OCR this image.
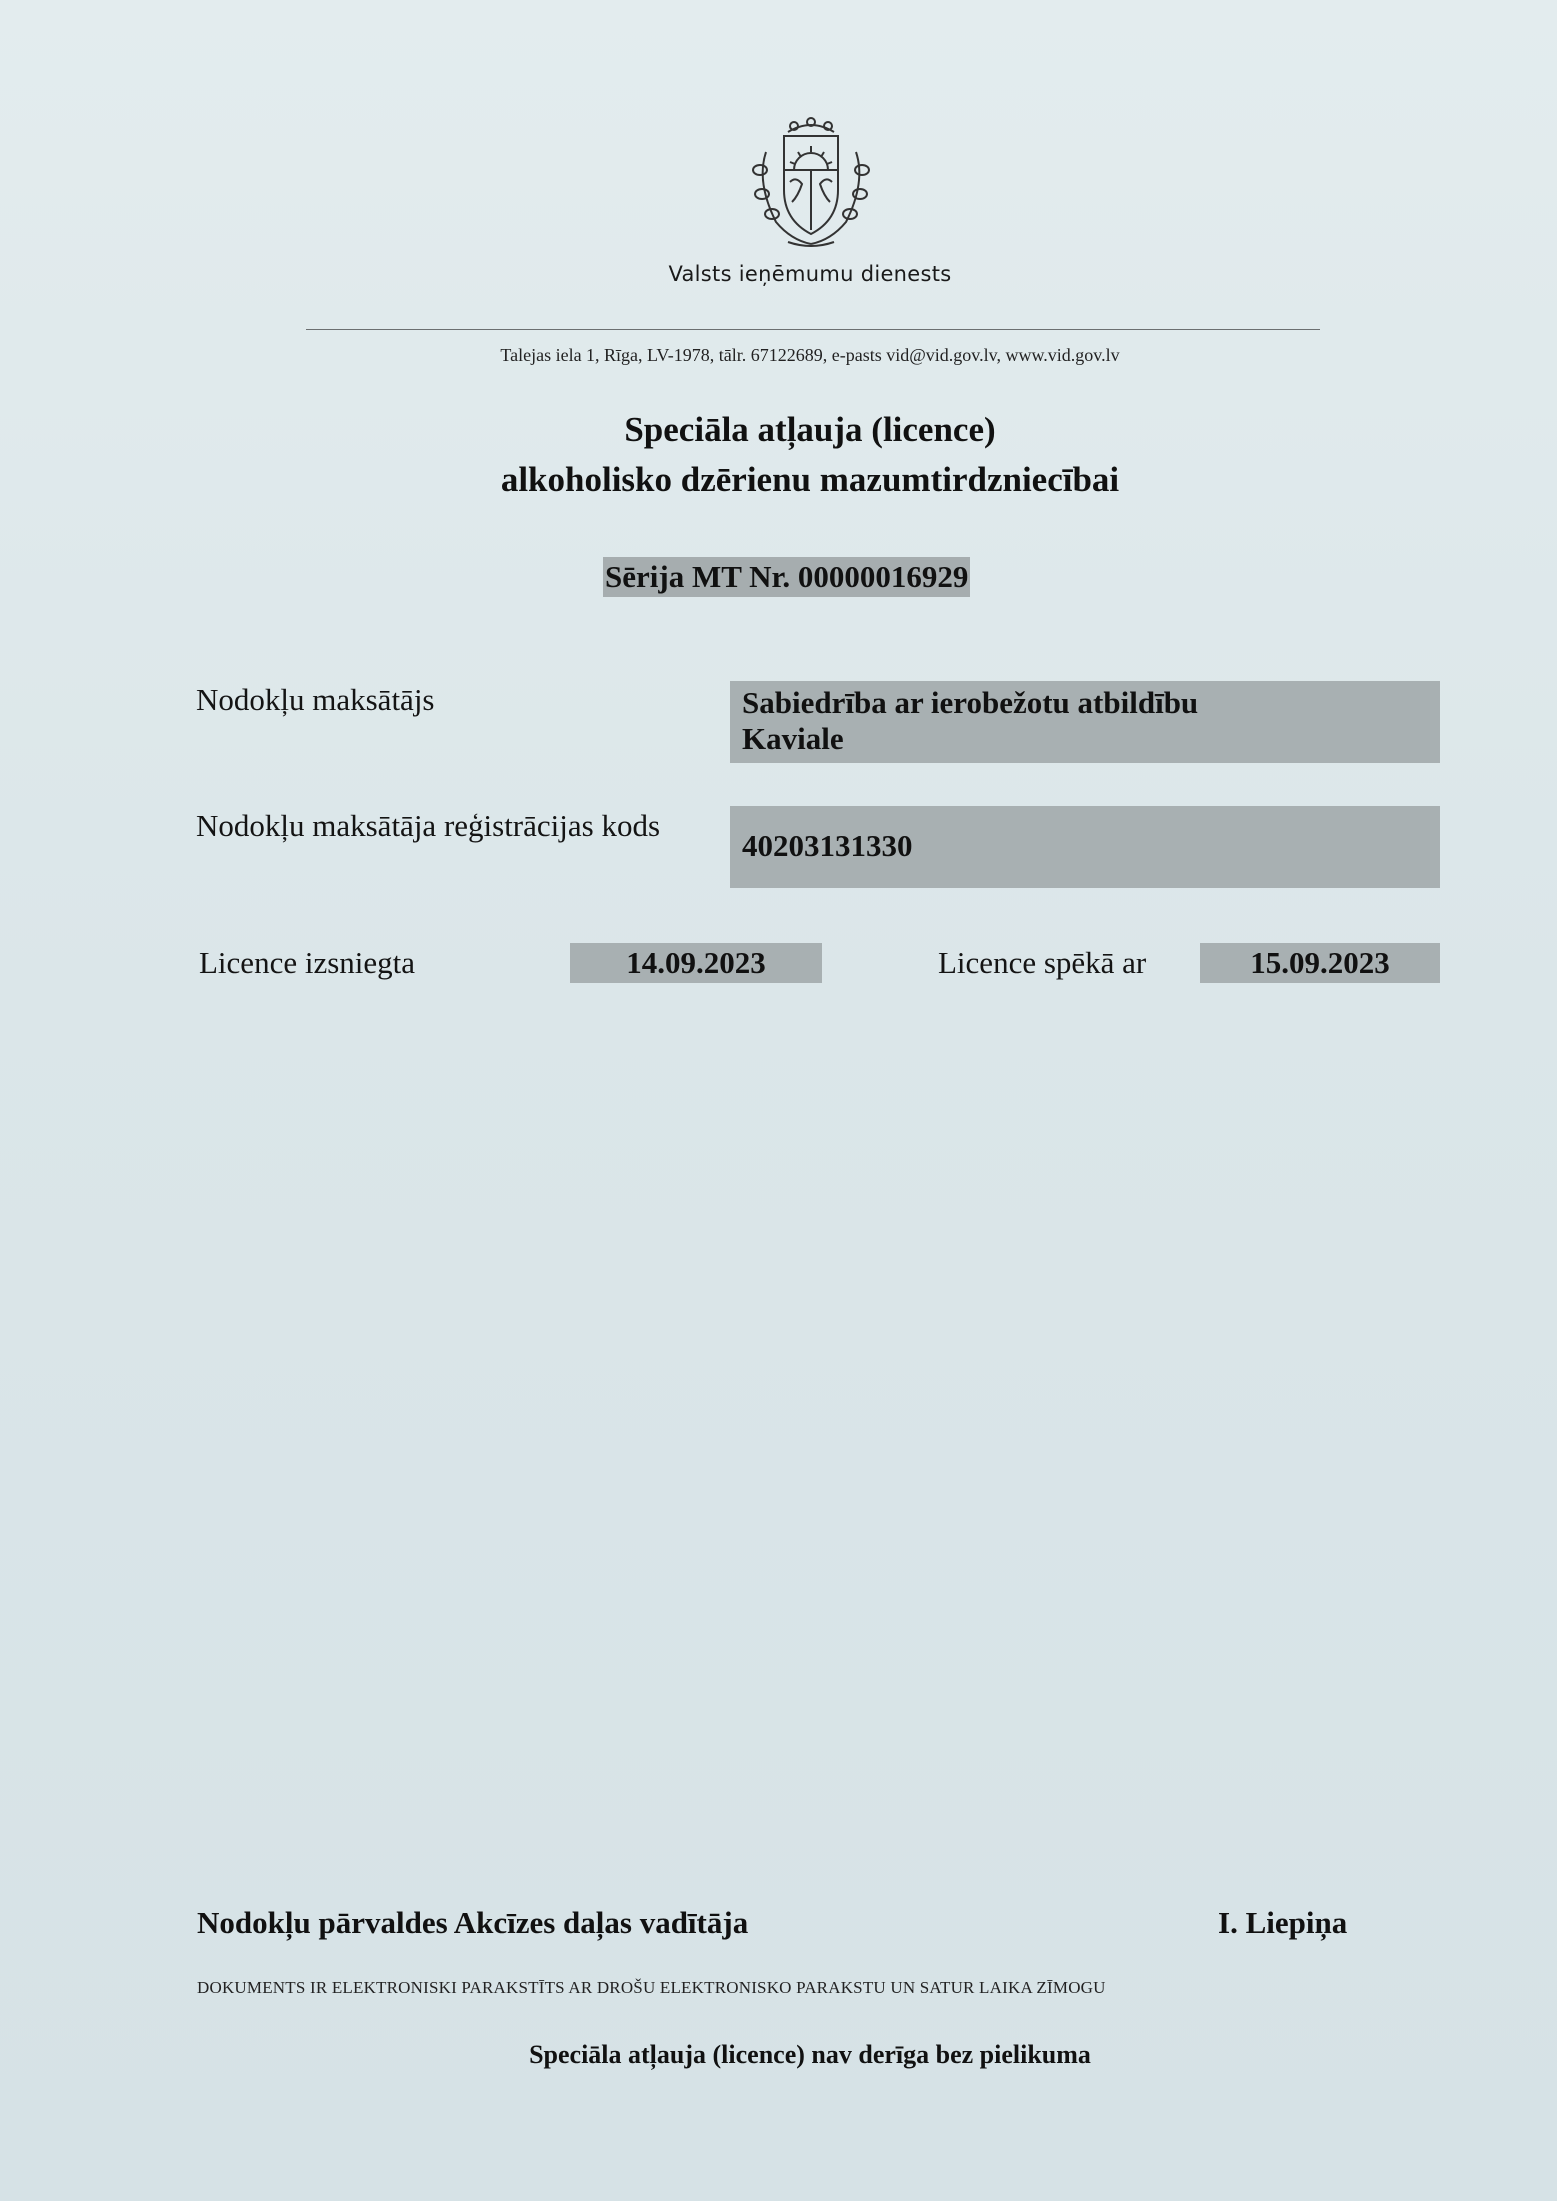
Valsts ieņēmumu dienests
Talejas iela 1, Rīga, LV-1978, tālr. 67122689, e-pasts vid@vid.gov.lv, www.vid.gov.lv
Speciāla atļauja (licence)
alkoholisko dzērienu mazumtirdzniecībai
Sērija MT Nr. 00000016929
Nodokļu maksātājs	Sabiedrība ar ierobežotu atbildību
Kaviale
Nodokļu maksātāja reģistrācijas kods
40203131330
Licence izsniegta	14.09.2023	Licence spēkā ar	15.09.2023
Nodokļu pārvaldes Akcīzes daļas vadītāja	I. Liepiņa
DOKUMENTS IR ELEKTRONISKI PARAKSTĪTS AR DROŠU ELEKTRONISKO PARAKSTU UN SATUR LAIKA ZĪMOGU
Speciāla atļauja (licence) nav derīga bez pielikuma
